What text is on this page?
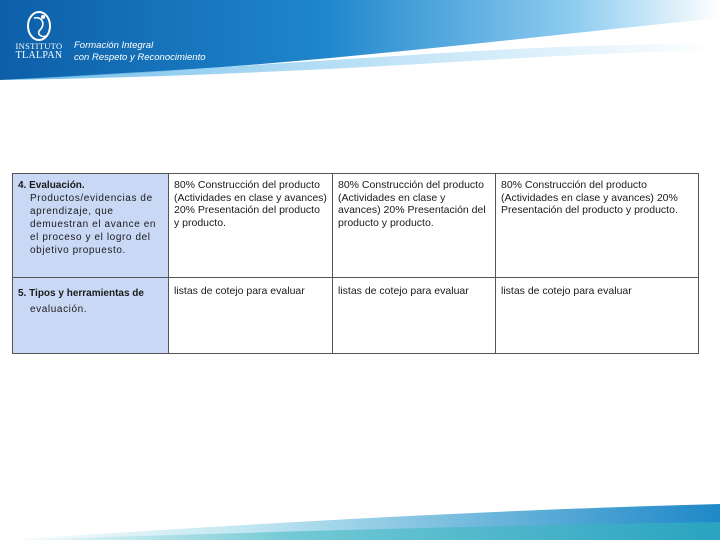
INSTITUTO
TLALPAN
Formación Integral
con Respeto y Reconocimiento
4. Evaluación.
Productos/evidencias de aprendizaje, que demuestran el avance en el proceso y el logro del objetivo propuesto.	80% Construcción del producto (Actividades en clase y avances) 20% Presentación del producto y producto.	80% Construcción del producto (Actividades en clase y avances) 20% Presentación del producto y producto.	80% Construcción del producto (Actividades en clase y avances) 20% Presentación del producto y producto.
5. Tipos y herramientas de
evaluación.	listas de cotejo para evaluar	listas de cotejo para evaluar	listas de cotejo para evaluar
